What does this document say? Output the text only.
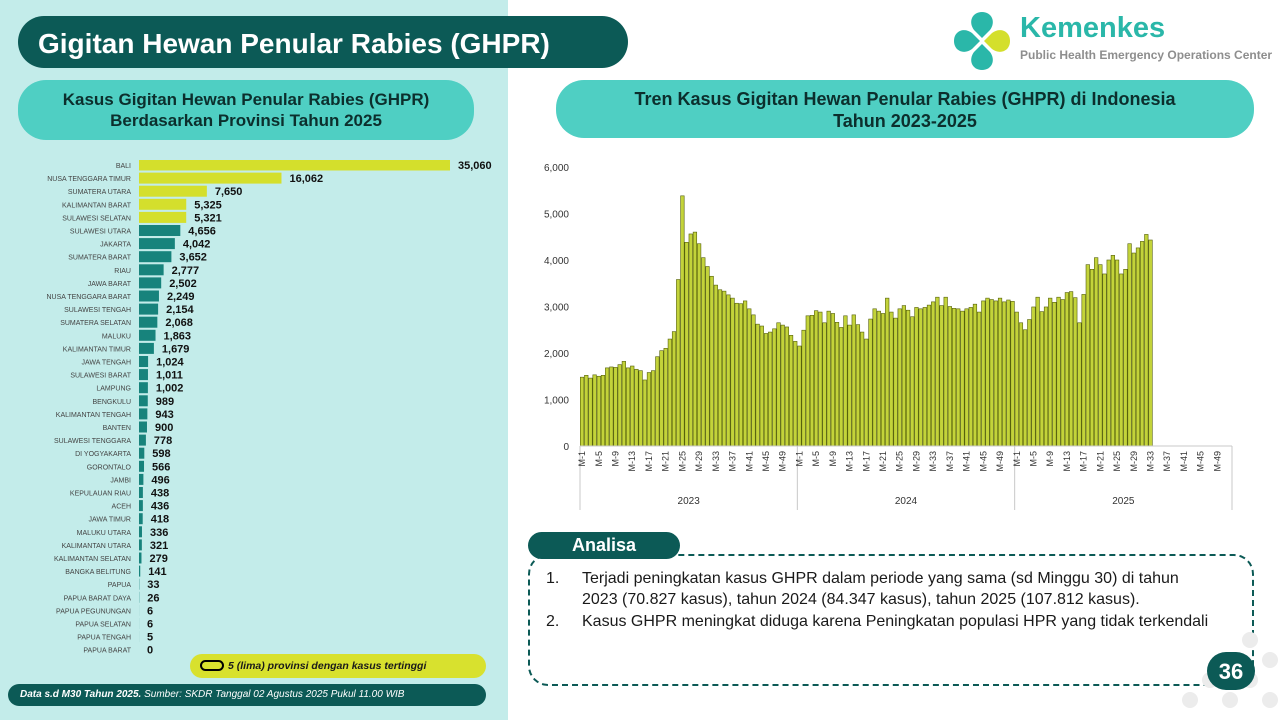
Gigitan Hewan Penular Rabies (GHPR)	Kemenkes
Public Health Emergency Operations Center
Kasus Gigitan Hewan Penular Rabies (GHPR) Berdasarkan Provinsi Tahun 2025
Tren Kasus Gigitan Hewan Penular Rabies (GHPR) di Indonesia
Tahun 2023-2025
BALI	35,060
NUSA TENGGARA TIMUR	16,062
SUMATERA UTARA	7,650
KALIMANTAN BARAT	5,325
SULAWESI SELATAN	5,321
SULAWESI UTARA	4,656
JAKARTA	4,042
SUMATERA BARAT	3,652
RIAU	2,777
JAWA BARAT	2,502
NUSA TENGGARA BARAT	2,249
SULAWESI TENGAH	2,154
SUMATERA SELATAN	2,068
MALUKU	1,863
KALIMANTAN TIMUR	1,679
JAWA TENGAH 1,024
SULAWESI BARAT 1,011
LAMPUNG 1,002
BENGKULU 989
KALIMANTAN TENGAH 943
BANTEN 900
SULAWESI TENGGARA 778
DI YOGYAKARTA 598
GORONTALO 566
JAMBI 496
KEPULAUAN RIAU 438
ACEH 436
JAWA TIMUR 418
MALUKU UTARA 336
KALIMANTAN UTARA 321
KALIMANTAN SELATAN 279
BANGKA BELITUNG 141
PAPUA 33
PAPUA BARAT DAYA 26
PAPUA PEGUNUNGAN 6
PAPUA SELATAN 6
PAPUA TENGAH 5
PAPUA BARAT 0
6,000
5,000
4,000
3,000
2,000
1,000
0
M-1 M-5 M-9 M-13 M-17 M-21 M-25 M-29 M-33 M-37 M-41 M-45 M-49
2023
M-1 M-5 M-9 M-13 M-17 M-21 M-25 M-29 M-33 M-37 M-41 M-45 M-49
2024
M-1 M-5 M-9 M-13 M-17 M-21 M-25 M-29 M-33 M-37 M-41 M-45 M-49
2025
5 (lima) provinsi dengan kasus tertinggi
Data s.d M30 Tahun 2025. Sumber: SKDR Tanggal 02 Agustus 2025 Pukul 11.00 WIB
Analisa
1. Terjadi peningkatan kasus GHPR dalam periode yang sama (sd Minggu 30) di tahun 2023 (70.827 kasus), tahun 2024 (84.347 kasus), tahun 2025 (107.812 kasus).
2. Kasus GHPR meningkat diduga karena Peningkatan populasi HPR yang tidak terkendali
36
